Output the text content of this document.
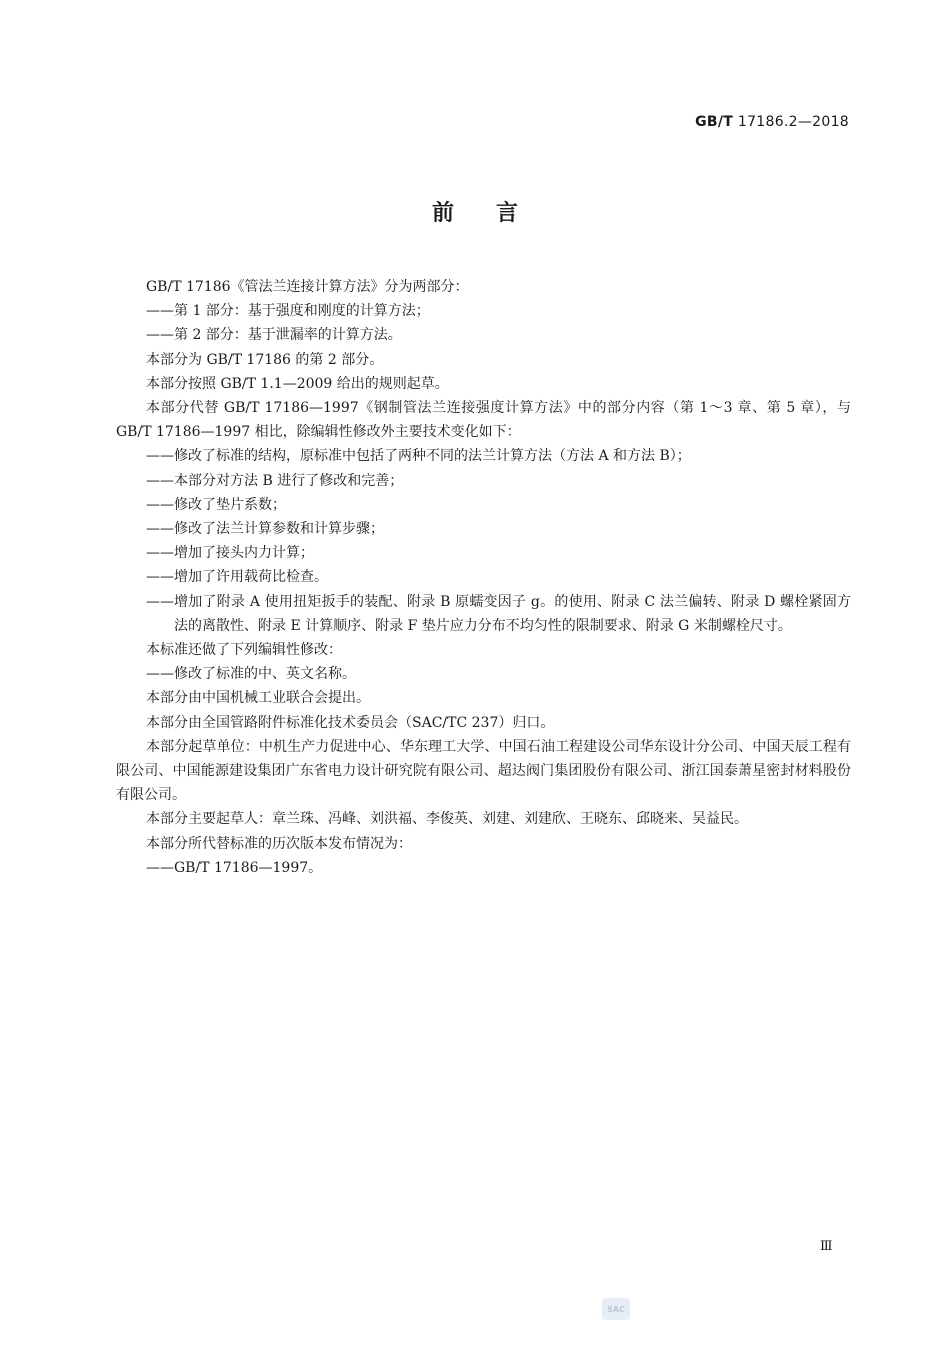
GB/T 17186.2—2018
前言
GB/T 17186《管法兰连接计算方法》分为两部分：
——第 1 部分：基于强度和刚度的计算方法；
——第 2 部分：基于泄漏率的计算方法。
本部分为 GB/T 17186 的第 2 部分。
本部分按照 GB/T 1.1—2009 给出的规则起草。
本部分代替 GB/T 17186—1997《钢制管法兰连接强度计算方法》中的部分内容（第 1～3 章、第 5 章），与 GB/T 17186—1997 相比，除编辑性修改外主要技术变化如下：
—— 修改了标准的结构，原标准中包括了两种不同的法兰计算方法（方法 A 和方法 B）；
—— 本部分对方法 B 进行了修改和完善；
—— 修改了垫片系数；
—— 修改了法兰计算参数和计算步骤；
—— 增加了接头内力计算；
—— 增加了许用载荷比检查。
—— 增加了附录 A 使用扭矩扳手的装配、附录 B 原蠕变因子 g。的使用、附录 C 法兰偏转、附录 D 螺栓紧固方法的离散性、附录 E 计算顺序、附录 F 垫片应力分布不均匀性的限制要求、附录 G 米制螺栓尺寸。
本标准还做了下列编辑性修改：
——修改了标准的中、英文名称。
本部分由中国机械工业联合会提出。
本部分由全国管路附件标准化技术委员会（SAC/TC 237）归口。
本部分起草单位：中机生产力促进中心、华东理工大学、中国石油工程建设公司华东设计分公司、中国天辰工程有限公司、中国能源建设集团广东省电力设计研究院有限公司、超达阀门集团股份有限公司、浙江国泰萧星密封材料股份有限公司。
本部分主要起草人：章兰珠、冯峰、刘洪福、李俊英、刘建、刘建欣、王晓东、邱晓来、吴益民。
本部分所代替标准的历次版本发布情况为：
——GB/T 17186—1997。
Ⅲ
SAC
